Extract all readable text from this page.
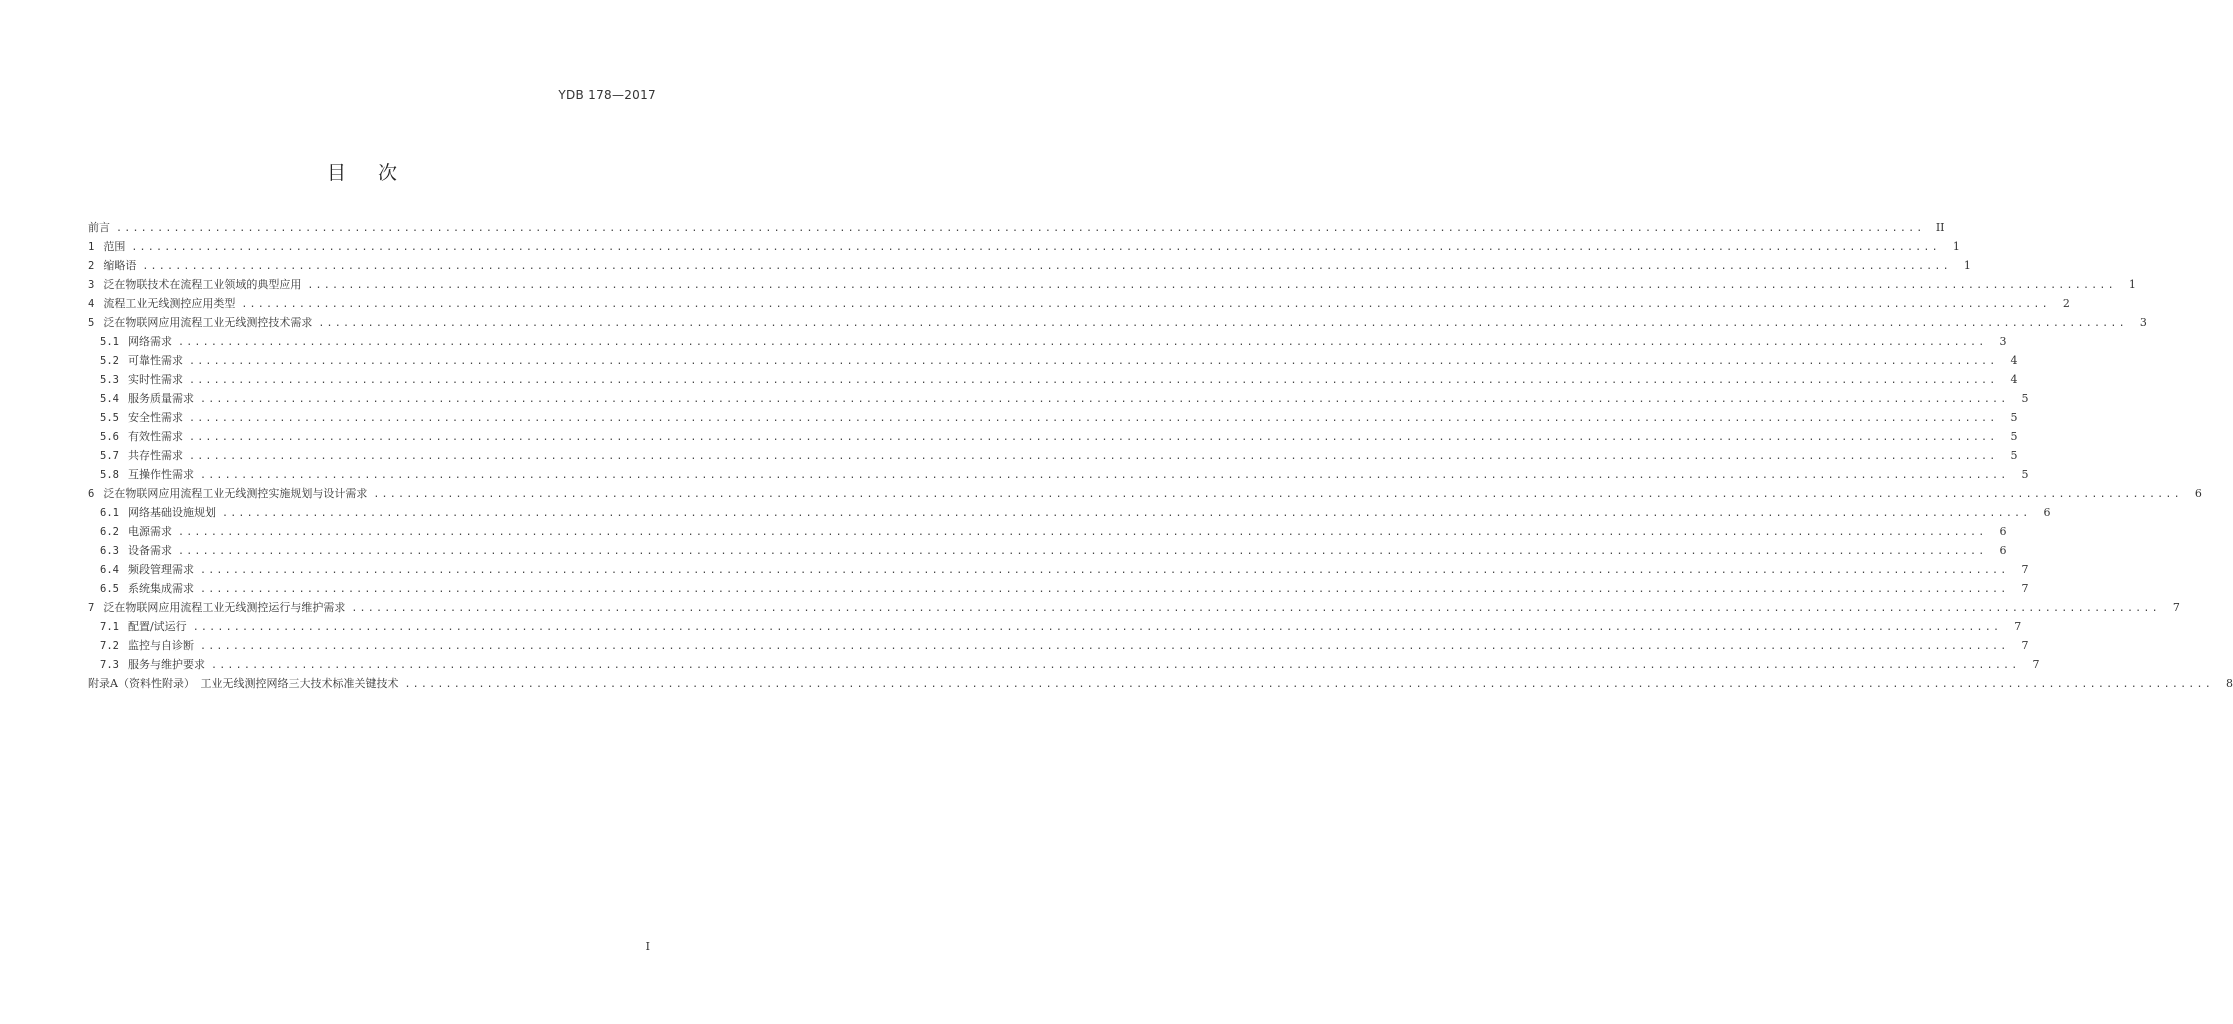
YDB 178—2017
目次
前言 ............................................................................................................................................................................................................................	II
1 范围 ............................................................................................................................................................................................................................	1
2 缩略语 ............................................................................................................................................................................................................................	1
3 泛在物联技术在流程工业领域的典型应用 ............................................................................................................................................................................................................................	1
4 流程工业无线测控应用类型 ............................................................................................................................................................................................................................	2
5 泛在物联网应用流程工业无线测控技术需求 ............................................................................................................................................................................................................................	3
5.1 网络需求 ............................................................................................................................................................................................................................	3
5.2 可靠性需求 ............................................................................................................................................................................................................................	4
5.3 实时性需求 ............................................................................................................................................................................................................................	4
5.4 服务质量需求 ............................................................................................................................................................................................................................	5
5.5 安全性需求 ............................................................................................................................................................................................................................	5
5.6 有效性需求 ............................................................................................................................................................................................................................	5
5.7 共存性需求 ............................................................................................................................................................................................................................	5
5.8 互操作性需求 ............................................................................................................................................................................................................................	5
6 泛在物联网应用流程工业无线测控实施规划与设计需求 ............................................................................................................................................................................................................................	6
6.1 网络基础设施规划 ............................................................................................................................................................................................................................	6
6.2 电源需求 ............................................................................................................................................................................................................................	6
6.3 设备需求 ............................................................................................................................................................................................................................	6
6.4 频段管理需求 ............................................................................................................................................................................................................................	7
6.5 系统集成需求 ............................................................................................................................................................................................................................	7
7 泛在物联网应用流程工业无线测控运行与维护需求 ............................................................................................................................................................................................................................	7
7.1 配置/试运行 ............................................................................................................................................................................................................................	7
7.2 监控与自诊断 ............................................................................................................................................................................................................................	7
7.3 服务与维护要求 ............................................................................................................................................................................................................................	7
附录A（资料性附录）　工业无线测控网络三大技术标准关键技术 ............................................................................................................................................................................................................................	8
I
